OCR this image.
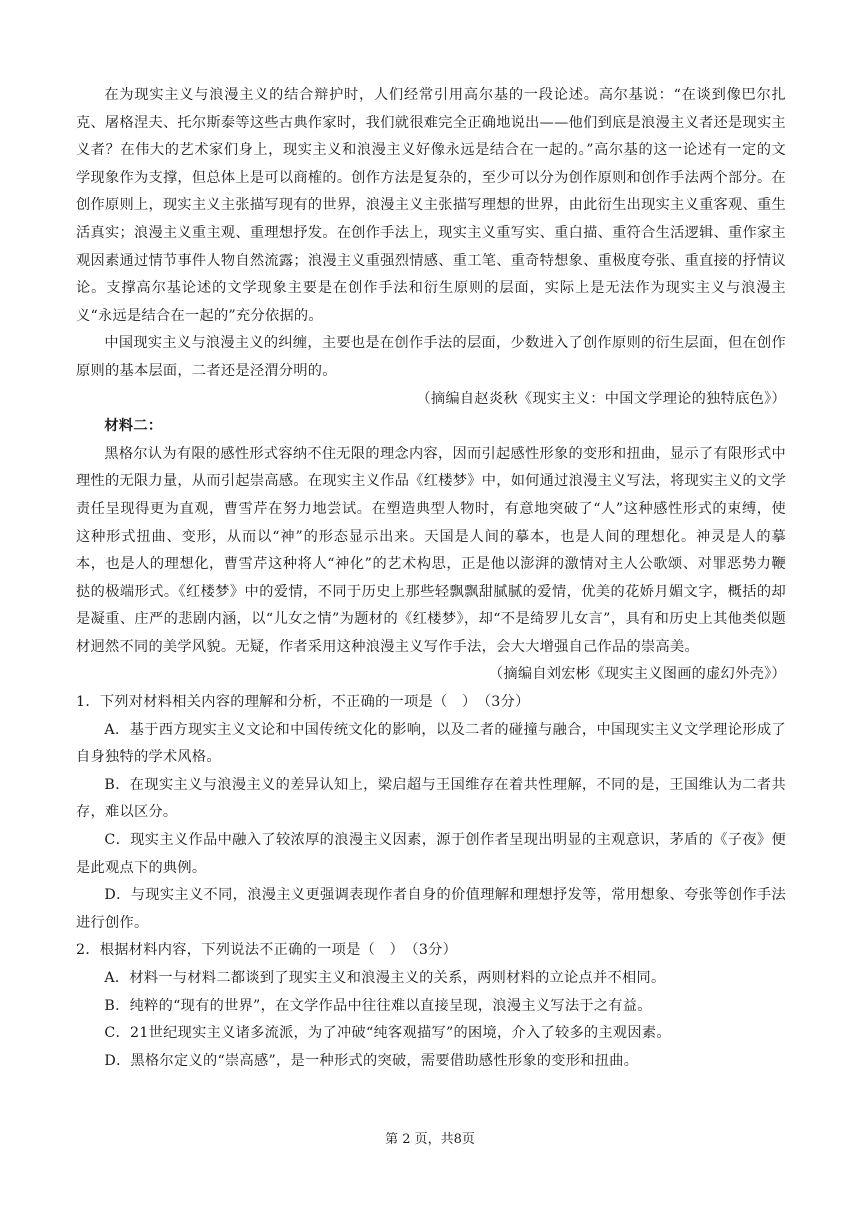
在为现实主义与浪漫主义的结合辩护时，人们经常引用高尔基的一段论述。高尔基说：“在谈到像巴尔扎克、屠格涅夫、托尔斯泰等这些古典作家时，我们就很难完全正确地说出——他们到底是浪漫主义者还是现实主义者？在伟大的艺术家们身上，现实主义和浪漫主义好像永远是结合在一起的。”高尔基的这一论述有一定的文学现象作为支撑，但总体上是可以商榷的。创作方法是复杂的，至少可以分为创作原则和创作手法两个部分。在创作原则上，现实主义主张描写现有的世界，浪漫主义主张描写理想的世界，由此衍生出现实主义重客观、重生活真实；浪漫主义重主观、重理想抒发。在创作手法上，现实主义重写实、重白描、重符合生活逻辑、重作家主观因素通过情节事件人物自然流露；浪漫主义重强烈情感、重工笔、重奇特想象、重极度夸张、重直接的抒情议论。支撑高尔基论述的文学现象主要是在创作手法和衍生原则的层面，实际上是无法作为现实主义与浪漫主义“永远是结合在一起的”充分依据的。

中国现实主义与浪漫主义的纠缠，主要也是在创作手法的层面，少数进入了创作原则的衍生层面，但在创作原则的基本层面，二者还是泾渭分明的。

（摘编自赵炎秋《现实主义：中国文学理论的独特底色》）

材料二：

黑格尔认为有限的感性形式容纳不住无限的理念内容，因而引起感性形象的变形和扭曲，显示了有限形式中理性的无限力量，从而引起崇高感。在现实主义作品《红楼梦》中，如何通过浪漫主义写法，将现实主义的文学责任呈现得更为直观，曹雪芹在努力地尝试。在塑造典型人物时，有意地突破了“人”这种感性形式的束缚，使这种形式扭曲、变形，从而以“神”的形态显示出来。天国是人间的摹本，也是人间的理想化。神灵是人的摹本，也是人的理想化，曹雪芹这种将人“神化”的艺术构思，正是他以澎湃的激情对主人公歌颂、对罪恶势力鞭挞的极端形式。《红楼梦》中的爱情，不同于历史上那些轻飘飘甜腻腻的爱情，优美的花娇月媚文字，概括的却是凝重、庄严的悲剧内涵，以“儿女之情”为题材的《红楼梦》，却“不是绮罗儿女言”，具有和历史上其他类似题材迥然不同的美学风貌。无疑，作者采用这种浪漫主义写作手法，会大大增强自己作品的崇高美。

（摘编自刘宏彬《现实主义图画的虚幻外壳》）

1．下列对材料相关内容的理解和分析，不正确的一项是（　）　（3分）

A．基于西方现实主义文论和中国传统文化的影响，以及二者的碰撞与融合，中国现实主义文学理论形成了自身独特的学术风格。

B．在现实主义与浪漫主义的差异认知上，梁启超与王国维存在着共性理解，不同的是，王国维认为二者共存，难以区分。

C．现实主义作品中融入了较浓厚的浪漫主义因素，源于创作者呈现出明显的主观意识，茅盾的《子夜》便是此观点下的典例。

D．与现实主义不同，浪漫主义更强调表现作者自身的价值理解和理想抒发等，常用想象、夸张等创作手法进行创作。

2．根据材料内容，下列说法不正确的一项是（　）　（3分）

A．材料一与材料二都谈到了现实主义和浪漫主义的关系，两则材料的立论点并不相同。

B．纯粹的“现有的世界”，在文学作品中往往难以直接呈现，浪漫主义写法于之有益。

C．21世纪现实主义诸多流派，为了冲破“纯客观描写”的困境，介入了较多的主观因素。

D．黑格尔定义的“崇高感”，是一种形式的突破，需要借助感性形象的变形和扭曲。

第 2 页，共8页
